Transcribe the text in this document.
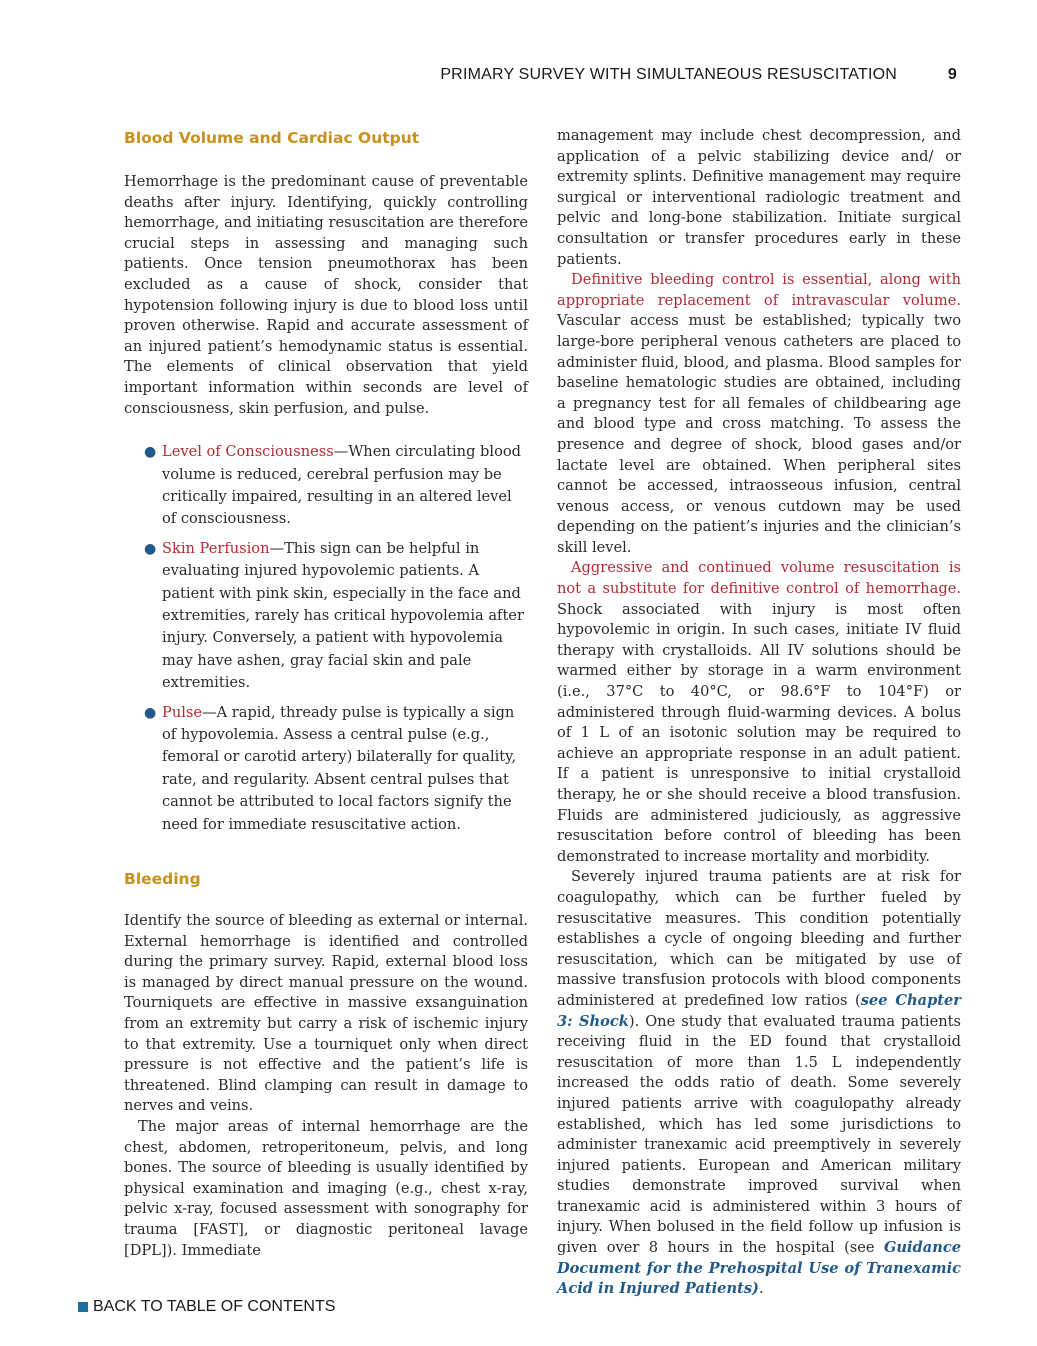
PRIMARY SURVEY WITH SIMULTANEOUS RESUSCITATION	9
Blood Volume and Cardiac Output

Hemorrhage is the predominant cause of preventable deaths after injury. Identifying, quickly controlling hemorrhage, and initiating resuscitation are therefore crucial steps in assessing and managing such patients. Once tension pneumothorax has been excluded as a cause of shock, consider that hypotension following injury is due to blood loss until proven otherwise. Rapid and accurate assessment of an injured patient’s hemodynamic status is essential. The elements of clinical observation that yield important information within seconds are level of consciousness, skin perfusion, and pulse.

● Level of Consciousness—When circulating blood volume is reduced, cerebral perfusion may be critically impaired, resulting in an altered level of consciousness.
● Skin Perfusion—This sign can be helpful in evaluating injured hypovolemic patients. A patient with pink skin, especially in the face and extremities, rarely has critical hypovolemia after injury. Conversely, a patient with hypovolemia may have ashen, gray facial skin and pale extremities.
● Pulse—A rapid, thready pulse is typically a sign of hypovolemia. Assess a central pulse (e.g., femoral or carotid artery) bilaterally for quality, rate, and regularity. Absent central pulses that cannot be attributed to local factors signify the need for immediate resuscitative action.
Bleeding

Identify the source of bleeding as external or internal. External hemorrhage is identified and controlled during the primary survey. Rapid, external blood loss is managed by direct manual pressure on the wound. Tourniquets are effective in massive exsanguination from an extremity but carry a risk of ischemic injury to that extremity. Use a tourniquet only when direct pressure is not effective and the patient’s life is threatened. Blind clamping can result in damage to nerves and veins.

The major areas of internal hemorrhage are the chest, abdomen, retroperitoneum, pelvis, and long bones. The source of bleeding is usually identified by physical examination and imaging (e.g., chest x-ray, pelvic x-ray, focused assessment with sonography for trauma [FAST], or diagnostic peritoneal lavage [DPL]). Immediate

management may include chest decompression, and application of a pelvic stabilizing device and/ or extremity splints. Definitive management may require surgical or interventional radiologic treatment and pelvic and long-bone stabilization. Initiate surgical consultation or transfer procedures early in these patients.

Definitive bleeding control is essential, along with appropriate replacement of intravascular volume. Vascular access must be established; typically two large-bore peripheral venous catheters are placed to administer fluid, blood, and plasma. Blood samples for baseline hematologic studies are obtained, including a pregnancy test for all females of childbearing age and blood type and cross matching. To assess the presence and degree of shock, blood gases and/or lactate level are obtained. When peripheral sites cannot be accessed, intraosseous infusion, central venous access, or venous cutdown may be used depending on the patient’s injuries and the clinician’s skill level.

Aggressive and continued volume resuscitation is not a substitute for definitive control of hemorrhage. Shock associated with injury is most often hypovolemic in origin. In such cases, initiate IV fluid therapy with crystalloids. All IV solutions should be warmed either by storage in a warm environment (i.e., 37°C to 40°C, or 98.6°F to 104°F) or administered through fluid-warming devices. A bolus of 1 L of an isotonic solution may be required to achieve an appropriate response in an adult patient. If a patient is unresponsive to initial crystalloid therapy, he or she should receive a blood transfusion. Fluids are administered judiciously, as aggressive resuscitation before control of bleeding has been demonstrated to increase mortality and morbidity.

Severely injured trauma patients are at risk for coagulopathy, which can be further fueled by resuscitative measures. This condition potentially establishes a cycle of ongoing bleeding and further resuscitation, which can be mitigated by use of massive transfusion protocols with blood components administered at predefined low ratios (see Chapter 3: Shock). One study that evaluated trauma patients receiving fluid in the ED found that crystalloid resuscitation of more than 1.5 L independently increased the odds ratio of death. Some severely injured patients arrive with coagulopathy already established, which has led some jurisdictions to administer tranexamic acid preemptively in severely injured patients. European and American military studies demonstrate improved survival when tranexamic acid is administered within 3 hours of injury. When bolused in the field follow up infusion is given over 8 hours in the hospital (see Guidance Document for the Prehospital Use of Tranexamic Acid in Injured Patients).

BACK TO TABLE OF CONTENTS
